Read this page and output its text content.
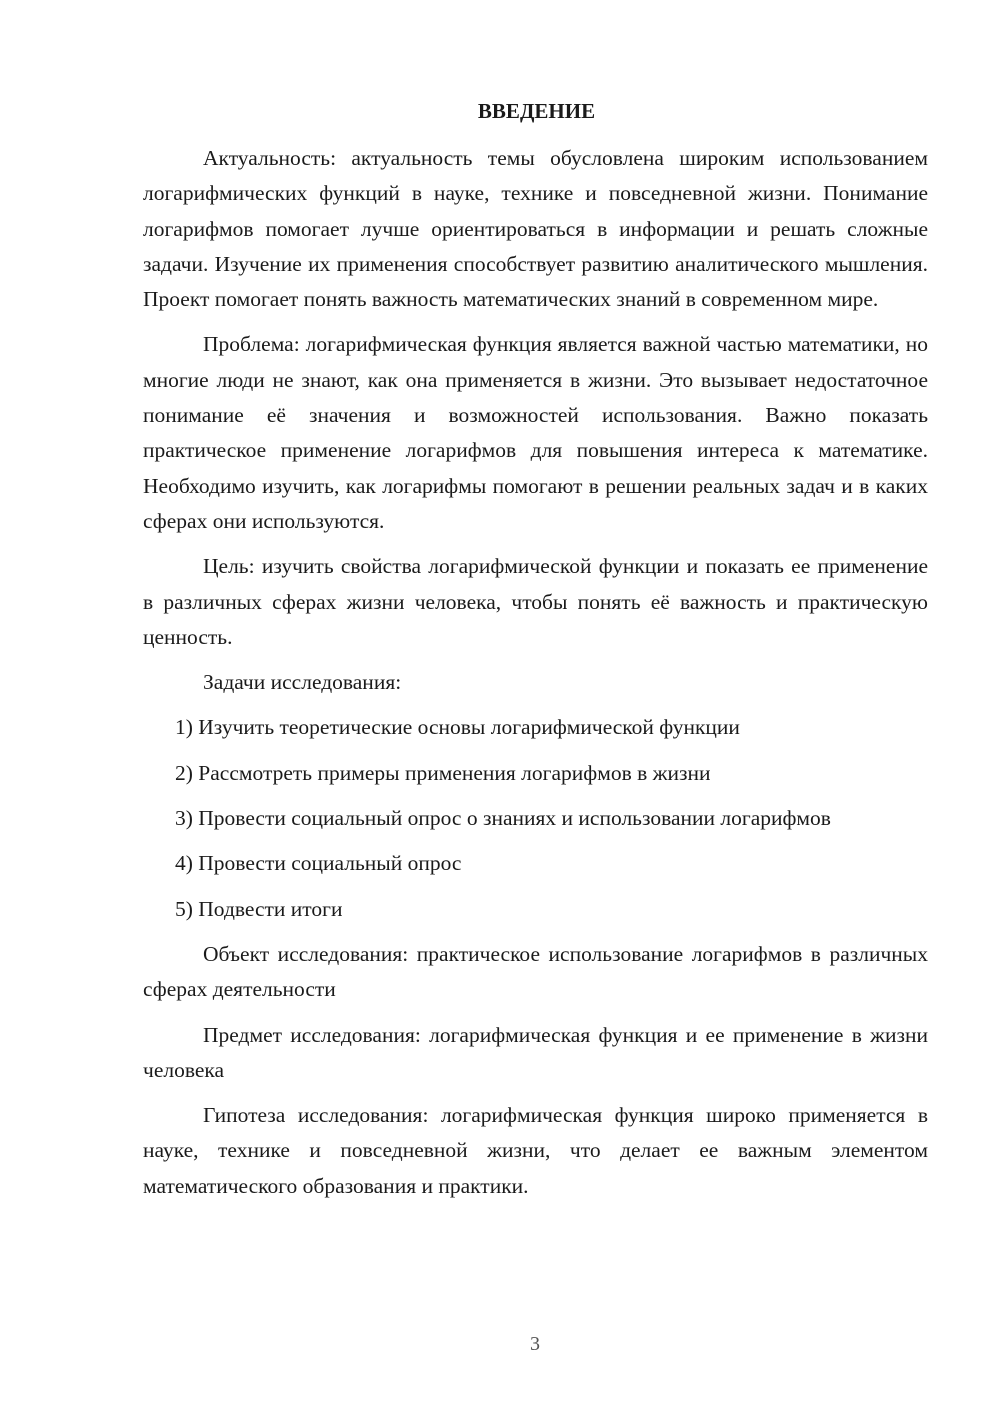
ВВЕДЕНИЕ
Актуальность: актуальность темы обусловлена широким использованием логарифмических функций в науке, технике и повседневной жизни. Понимание логарифмов помогает лучше ориентироваться в информации и решать сложные задачи. Изучение их применения способствует развитию аналитического мышления. Проект помогает понять важность математических знаний в современном мире.
Проблема: логарифмическая функция является важной частью математики, но многие люди не знают, как она применяется в жизни. Это вызывает недостаточное понимание её значения и возможностей использования. Важно показать практическое применение логарифмов для повышения интереса к математике. Необходимо изучить, как логарифмы помогают в решении реальных задач и в каких сферах они используются.
Цель: изучить свойства логарифмической функции и показать ее применение в различных сферах жизни человека, чтобы понять её важность и практическую ценность.
Задачи исследования:
1) Изучить теоретические основы логарифмической функции
2) Рассмотреть примеры применения логарифмов в жизни
3) Провести социальный опрос о знаниях и использовании логарифмов
4) Провести социальный опрос
5) Подвести итоги
Объект исследования: практическое использование логарифмов в различных сферах деятельности
Предмет исследования: логарифмическая функция и ее применение в жизни человека
Гипотеза исследования: логарифмическая функция широко применяется в науке, технике и повседневной жизни, что делает ее важным элементом математического образования и практики.
3
